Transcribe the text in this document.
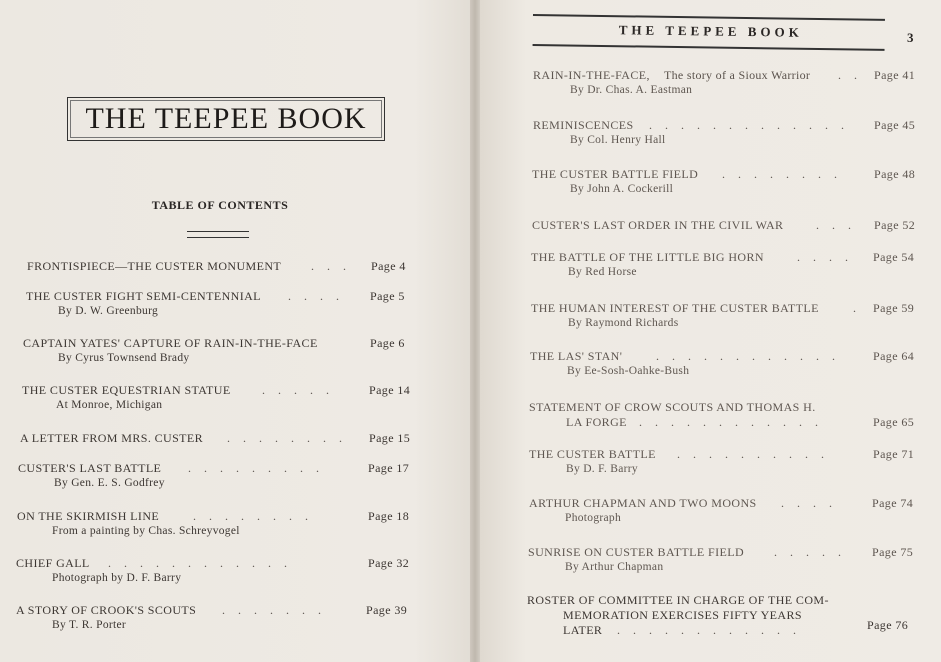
THE TEEPEE BOOK
TABLE OF CONTENTS
FRONTISPIECE—THE CUSTER MONUMENT . . . Page 4
THE CUSTER FIGHT SEMI-CENTENNIAL . . . . Page 5
By D. W. Greenburg
CAPTAIN YATES' CAPTURE OF RAIN-IN-THE-FACE	Page 6
By Cyrus Townsend Brady
THE CUSTER EQUESTRIAN STATUE	. . . . .	Page 14
At Monroe, Michigan
A LETTER FROM MRS. CUSTER . . . . . . . . Page 15
CUSTER'S LAST BATTLE . . . . . . . . .	Page 17
By Gen. E. S. Godfrey
ON THE SKIRMISH LINE	. . . . . . . .	Page 18
From a painting by Chas. Schreyvogel
CHIEF GALL . . . . . . . . . . . .	Page 32
Photograph by D. F. Barry
A STORY OF CROOK'S SCOUTS . . . . . . .	Page 39
By T. R. Porter
THE TEEPEE BOOK	3
RAIN-IN-THE-FACE, The story of a Sioux Warrior . . Page 41
By Dr. Chas. A. Eastman
REMINISCENCES . . . . . . . . . . . . . Page 45
By Col. Henry Hall
THE CUSTER BATTLE FIELD . . . . . . . .	Page 48
By John A. Cockerill
CUSTER'S LAST ORDER IN THE CIVIL WAR	. . . Page 52
THE BATTLE OF THE LITTLE BIG HORN	. . . . Page 54
By Red Horse
THE HUMAN INTEREST OF THE CUSTER BATTLE	. Page 59
By Raymond Richards
THE LAS' STAN'	. . . . . . . . . . . .	Page 64
By Ee-Sosh-Oahke-Bush
STATEMENT OF CROW SCOUTS AND THOMAS H.
LA FORGE . . . . . . . . . . . .	Page 65
THE CUSTER BATTLE . . . . . . . . . .	Page 71
By D. F. Barry
ARTHUR CHAPMAN AND TWO MOONS . . . .	Page 74
Photograph
SUNRISE ON CUSTER BATTLE FIELD . . . . . Page 75
By Arthur Chapman
ROSTER OF COMMITTEE IN CHARGE OF THE COM-
MEMORATION EXERCISES FIFTY YEARS
LATER . . . . . . . . . . . .	Page 76
